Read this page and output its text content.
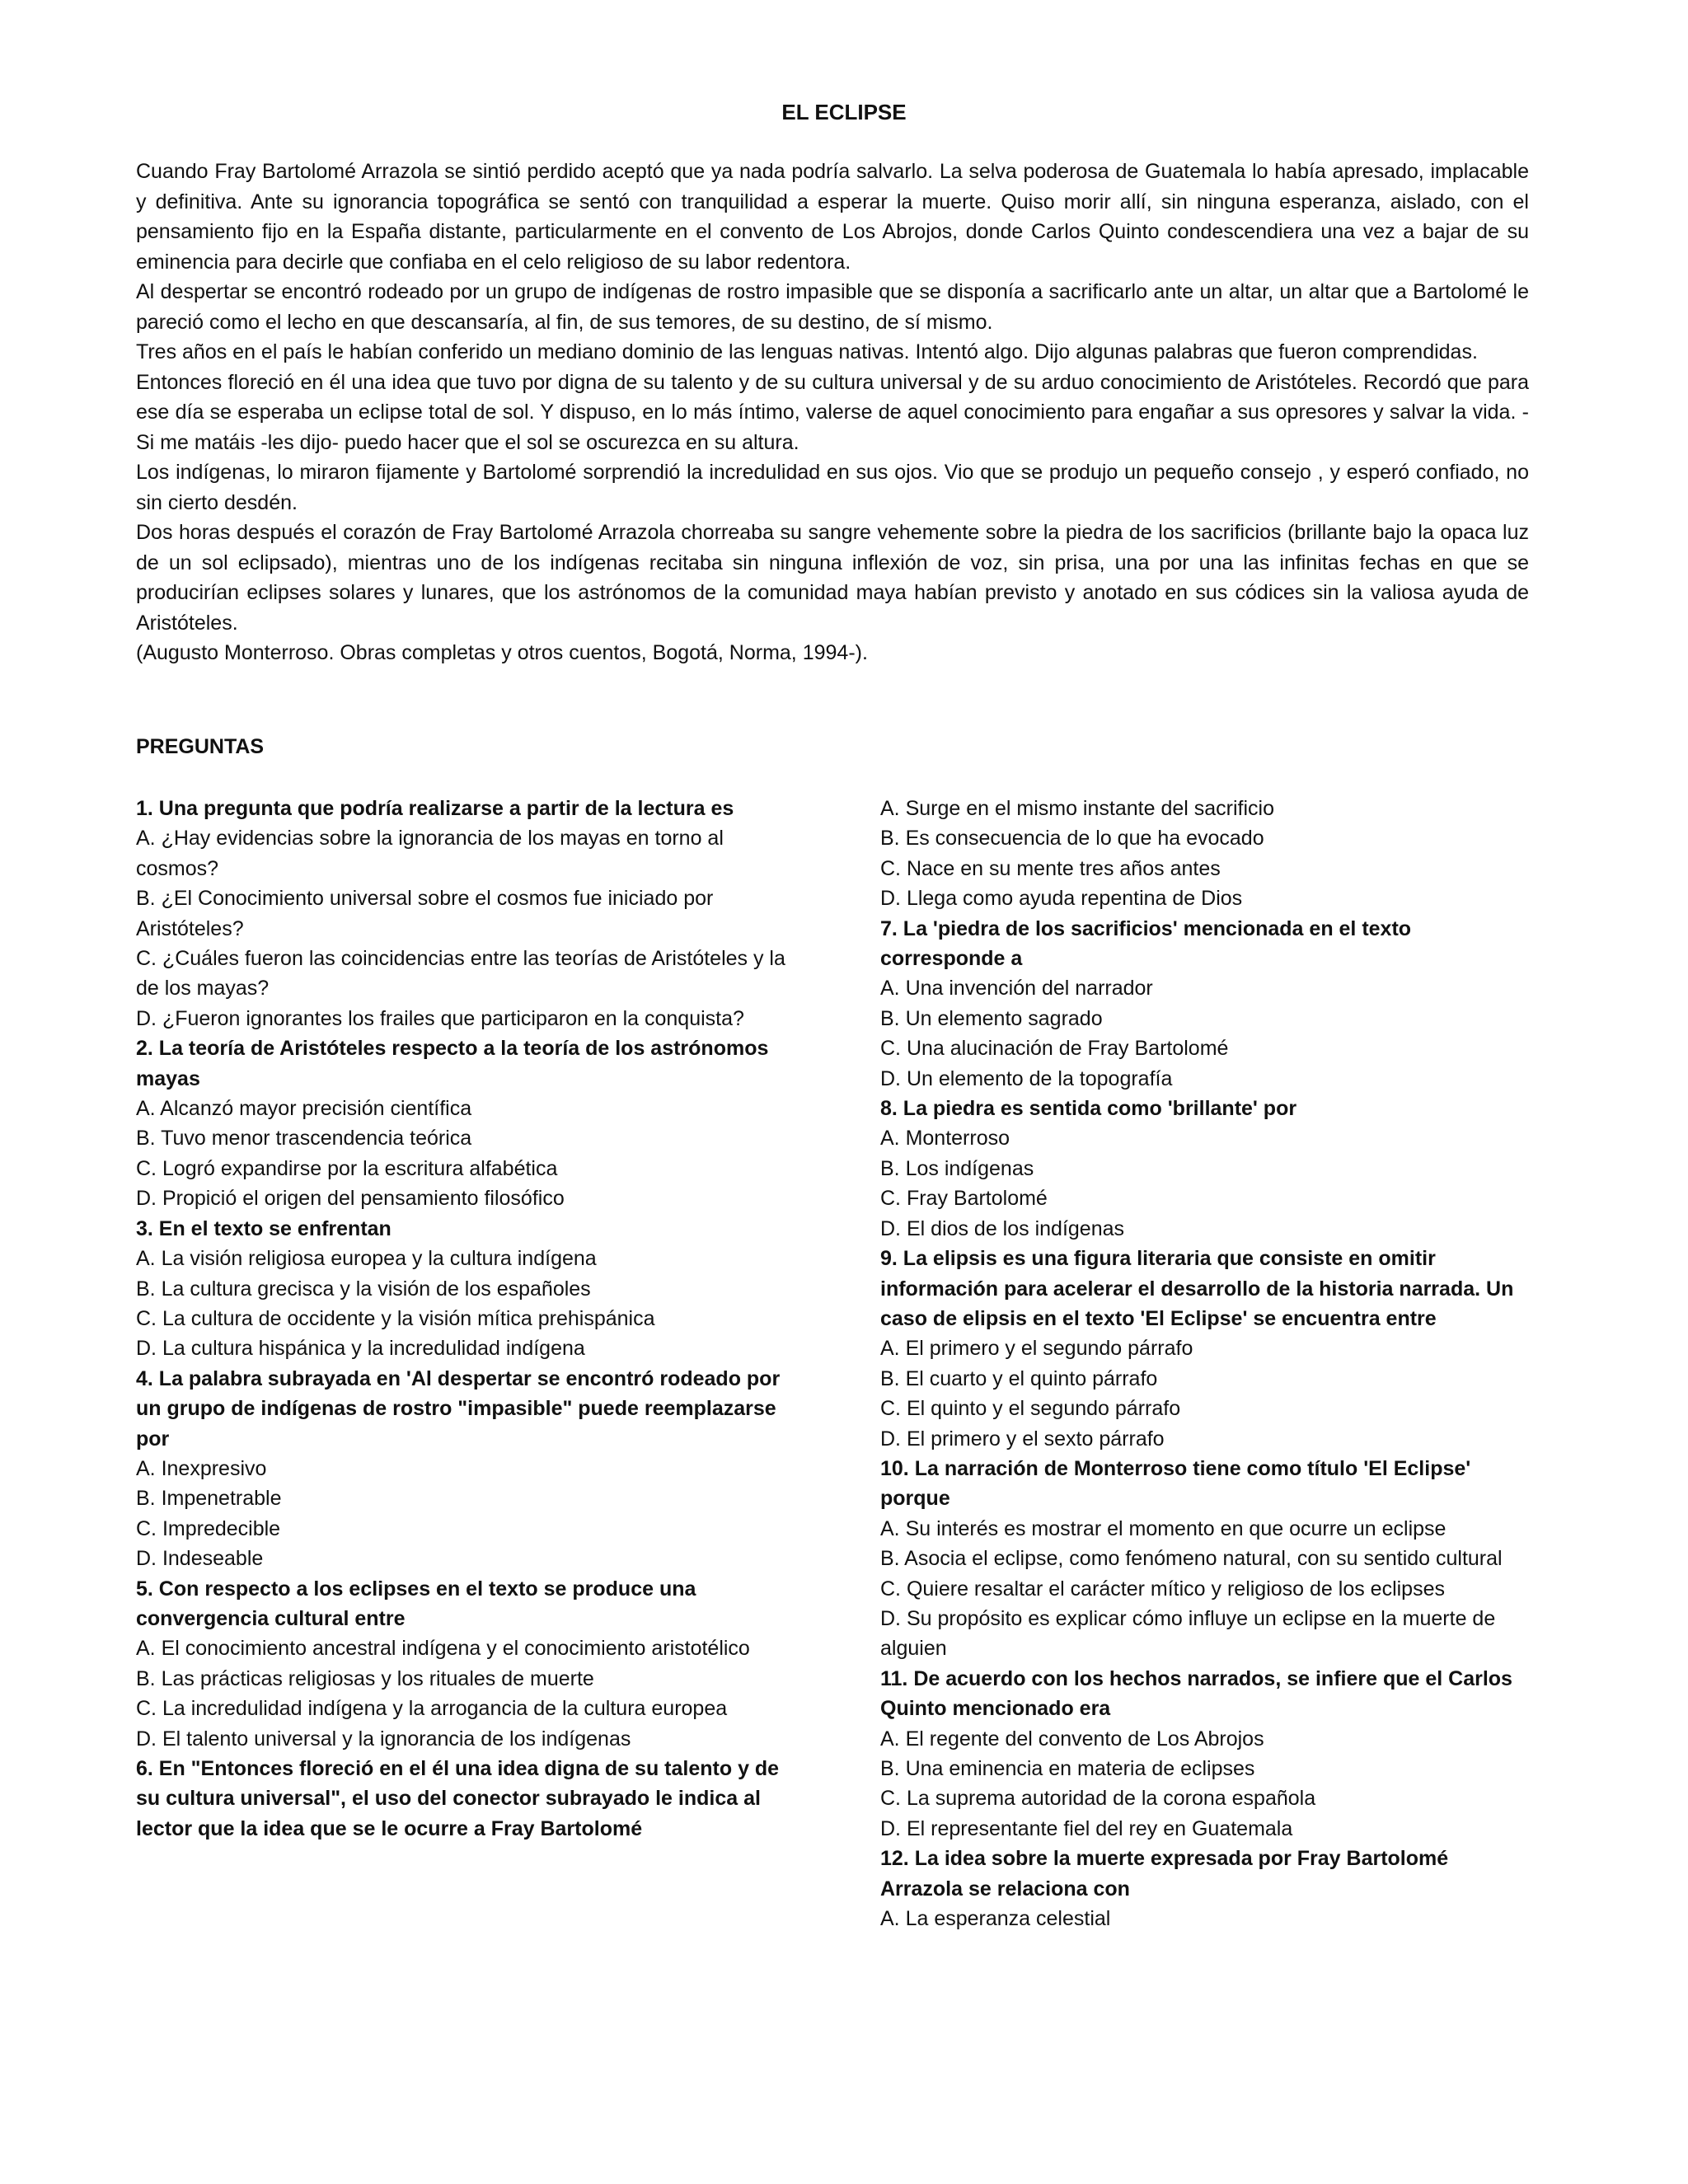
EL ECLIPSE

Cuando Fray Bartolomé Arrazola se sintió perdido aceptó que ya nada podría salvarlo. La selva poderosa de Guatemala lo había apresado, implacable y definitiva. Ante su ignorancia topográfica se sentó con tranquilidad a esperar la muerte. Quiso morir allí, sin ninguna esperanza, aislado, con el pensamiento fijo en la España distante, particularmente en el convento de Los Abrojos, donde Carlos Quinto condescendiera una vez a bajar de su eminencia para decirle que confiaba en el celo religioso de su labor redentora.

Al despertar se encontró rodeado por un grupo de indígenas de rostro impasible que se disponía a sacrificarlo ante un altar, un altar que a Bartolomé le pareció como el lecho en que descansaría, al fin, de sus temores, de su destino, de sí mismo.

Tres años en el país le habían conferido un mediano dominio de las lenguas nativas. Intentó algo. Dijo algunas palabras que fueron comprendidas.

Entonces floreció en él una idea que tuvo por digna de su talento y de su cultura universal y de su arduo conocimiento de Aristóteles. Recordó que para ese día se esperaba un eclipse total de sol. Y dispuso, en lo más íntimo, valerse de aquel conocimiento para engañar a sus opresores y salvar la vida. -Si me matáis -les dijo- puedo hacer que el sol se oscurezca en su altura.

Los indígenas, lo miraron fijamente y Bartolomé sorprendió la incredulidad en sus ojos. Vio que se produjo un pequeño consejo , y esperó confiado, no sin cierto desdén.

Dos horas después el corazón de Fray Bartolomé Arrazola chorreaba su sangre vehemente sobre la piedra de los sacrificios (brillante bajo la opaca luz de un sol eclipsado), mientras uno de los indígenas recitaba sin ninguna inflexión de voz, sin prisa, una por una las infinitas fechas en que se producirían eclipses solares y lunares, que los astrónomos de la comunidad maya habían previsto y anotado en sus códices sin la valiosa ayuda de Aristóteles.

(Augusto Monterroso. Obras completas y otros cuentos, Bogotá, Norma, 1994-).

PREGUNTAS

1. Una pregunta que podría realizarse a partir de la lectura es

A. ¿Hay evidencias sobre la ignorancia de los mayas en torno al cosmos?

B. ¿El Conocimiento universal sobre el cosmos fue iniciado por Aristóteles?

C. ¿Cuáles fueron las coincidencias entre las teorías de Aristóteles y la de los mayas?

D. ¿Fueron ignorantes los frailes que participaron en la conquista?

2. La teoría de Aristóteles respecto a la teoría de los astrónomos mayas

A. Alcanzó mayor precisión científica

B. Tuvo menor trascendencia teórica

C. Logró expandirse por la escritura alfabética

D. Propició el origen del pensamiento filosófico

3. En el texto se enfrentan

A. La visión religiosa europea y la cultura indígena

B. La cultura grecisca y la visión de los españoles

C. La cultura de occidente y la visión mítica prehispánica

D. La cultura hispánica y la incredulidad indígena

4. La palabra subrayada en 'Al despertar se encontró rodeado por un grupo de indígenas de rostro "impasible" puede reemplazarse por

A. Inexpresivo

B. Impenetrable

C. Impredecible

D. Indeseable

5. Con respecto a los eclipses en el texto se produce una convergencia cultural entre

A. El conocimiento ancestral indígena y el conocimiento aristotélico

B. Las prácticas religiosas y los rituales de muerte

C. La incredulidad indígena y la arrogancia de la cultura europea

D. El talento universal y la ignorancia de los indígenas

6. En "Entonces floreció en el él una idea digna de su talento y de su cultura universal", el uso del conector subrayado le indica al lector que la idea que se le ocurre a Fray Bartolomé

A. Surge en el mismo instante del sacrificio

B. Es consecuencia de lo que ha evocado

C. Nace en su mente tres años antes

D. Llega como ayuda repentina de Dios

7. La 'piedra de los sacrificios' mencionada en el texto corresponde a

A. Una invención del narrador

B. Un elemento sagrado

C. Una alucinación de Fray Bartolomé

D. Un elemento de la topografía

8. La piedra es sentida como 'brillante' por

A. Monterroso

B. Los indígenas

C. Fray Bartolomé

D. El dios de los indígenas

9. La elipsis es una figura literaria que consiste en omitir información para acelerar el desarrollo de la historia narrada. Un caso de elipsis en el texto 'El Eclipse' se encuentra entre

A. El primero y el segundo párrafo

B. El cuarto y el quinto párrafo

C. El quinto y el segundo párrafo

D. El primero y el sexto párrafo

10. La narración de Monterroso tiene como título 'El Eclipse' porque

A. Su interés es mostrar el momento en que ocurre un eclipse

B. Asocia el eclipse, como fenómeno natural, con su sentido cultural

C. Quiere resaltar el carácter mítico y religioso de los eclipses

D. Su propósito es explicar cómo influye un eclipse en la muerte de alguien

11. De acuerdo con los hechos narrados, se infiere que el Carlos Quinto mencionado era

A. El regente del convento de Los Abrojos

B. Una eminencia en materia de eclipses

C. La suprema autoridad de la corona española

D. El representante fiel del rey en Guatemala

12. La idea sobre la muerte expresada por Fray Bartolomé Arrazola se relaciona con

A. La esperanza celestial
